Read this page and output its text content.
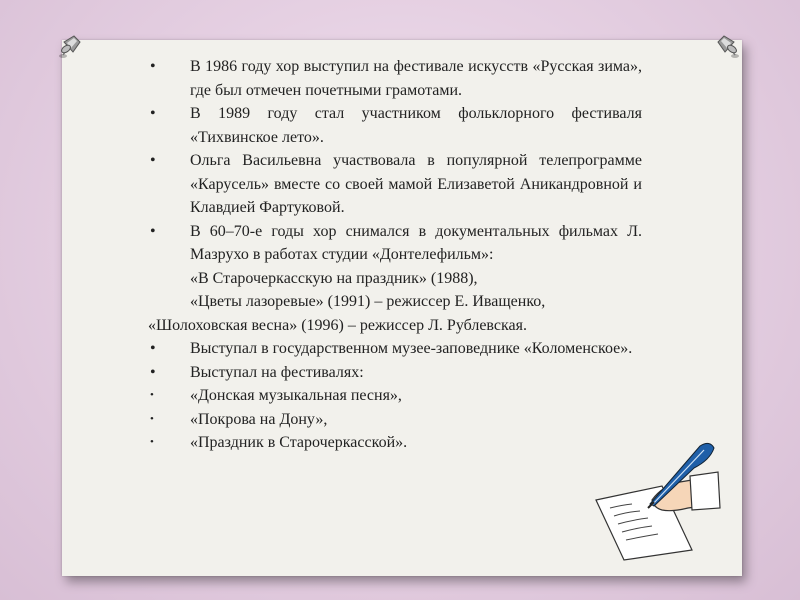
•	В 1986 году хор выступил на фестивале искусств «Русская зима», где был отмечен почетными грамотами.
•	В 1989 году стал участником фольклорного фестиваля «Тихвинское лето».
•	Ольга Васильевна участвовала в популярной телепрограмме «Карусель» вместе со своей мамой Елизаветой Аникандровной и Клавдией Фартуковой.
•	В 60–70-е годы хор снимался в документальных фильмах Л. Мазрухо в работах студии «Донтелефильм»:
«В Старочеркасскую на праздник» (1988),
«Цветы лазоревые» (1991) – режиссер Е. Иващенко,
«Шолоховская весна» (1996) – режиссер Л. Рублевская.
•	Выступал в государственном музее-заповеднике «Коломенское».
•	Выступал на фестивалях:
•	«Донская музыкальная песня»,
•	«Покрова на Дону»,
•	«Праздник в Старочеркасской».
